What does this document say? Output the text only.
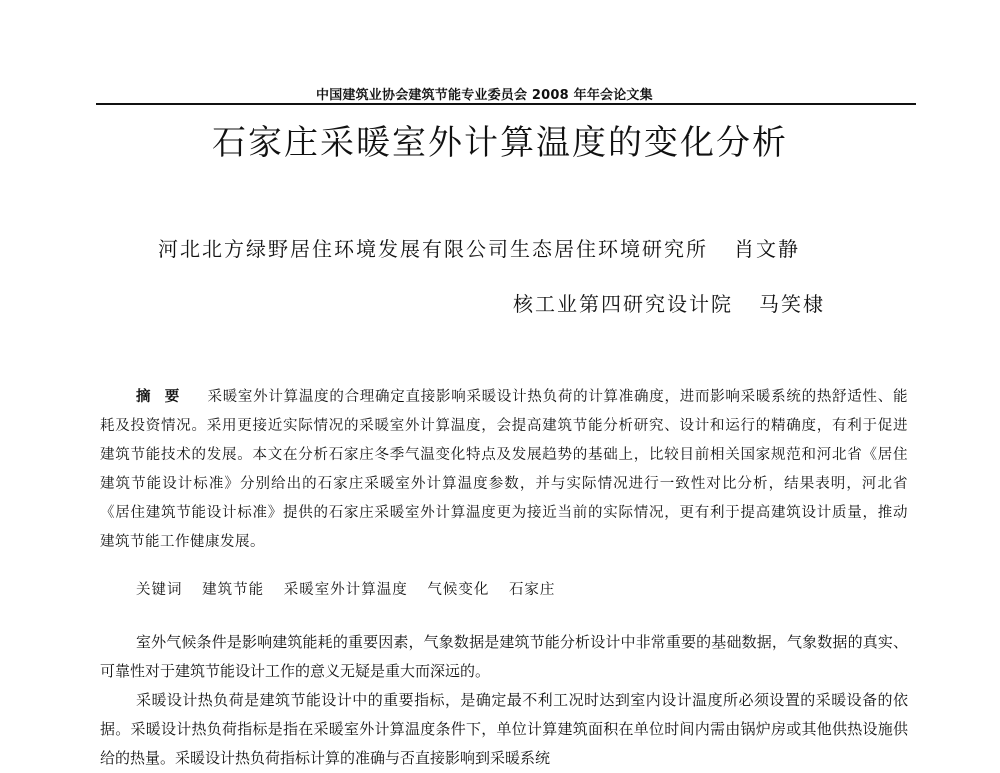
中国建筑业协会建筑节能专业委员会 2008 年年会论文集
石家庄采暖室外计算温度的变化分析
河北北方绿野居住环境发展有限公司生态居住环境研究所 肖文静
核工业第四研究设计院 马笑棣
摘要 采暖室外计算温度的合理确定直接影响采暖设计热负荷的计算准确度，进而影响采暖系统的热舒适性、能耗及投资情况。采用更接近实际情况的采暖室外计算温度，会提高建筑节能分析研究、设计和运行的精确度，有利于促进建筑节能技术的发展。本文在分析石家庄冬季气温变化特点及发展趋势的基础上，比较目前相关国家规范和河北省《居住建筑节能设计标准》分别给出的石家庄采暖室外计算温度参数，并与实际情况进行一致性对比分析，结果表明，河北省《居住建筑节能设计标准》提供的石家庄采暖室外计算温度更为接近当前的实际情况，更有利于提高建筑设计质量，推动建筑节能工作健康发展。
关键词 建筑节能 采暖室外计算温度 气候变化 石家庄

室外气候条件是影响建筑能耗的重要因素，气象数据是建筑节能分析设计中非常重要的基础数据，气象数据的真实、可靠性对于建筑节能设计工作的意义无疑是重大而深远的。

采暖设计热负荷是建筑节能设计中的重要指标，是确定最不利工况时达到室内设计温度所必须设置的采暖设备的依据。采暖设计热负荷指标是指在采暖室外计算温度条件下，单位计算建筑面积在单位时间内需由锅炉房或其他供热设施供给的热量。采暖设计热负荷指标计算的准确与否直接影响到采暖系统
